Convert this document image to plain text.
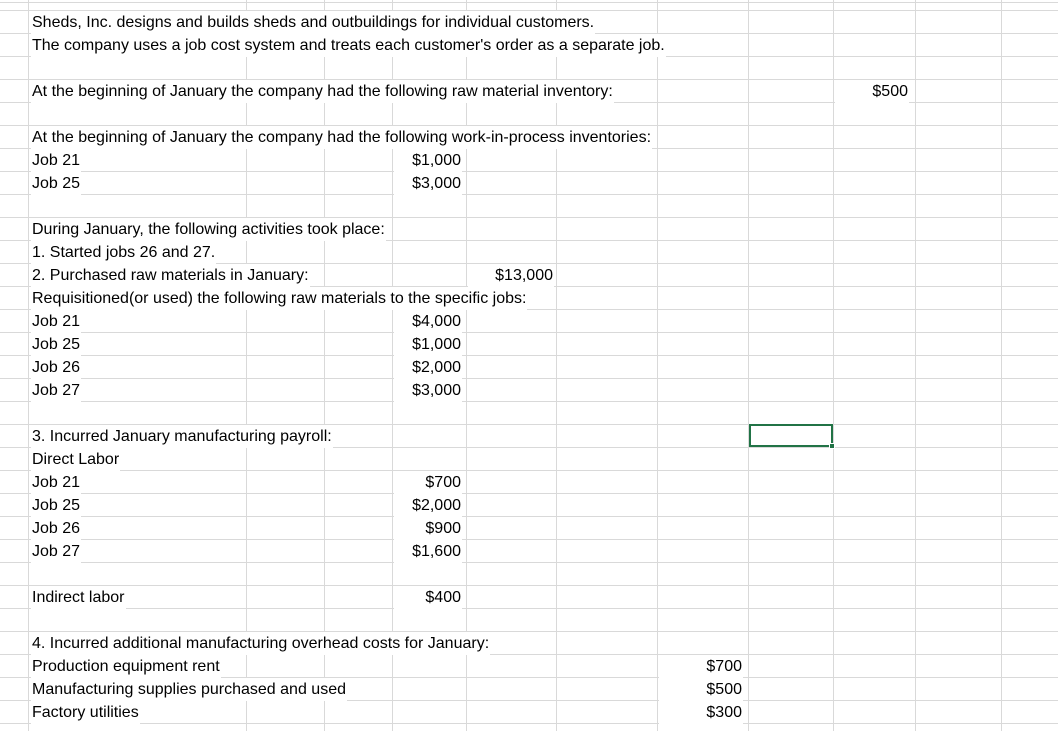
Sheds, Inc. designs and builds sheds and outbuildings for individual customers.
The company uses a job cost system and treats each customer's order as a separate job.
At the beginning of January the company had the following raw material inventory:	$500
At the beginning of January the company had the following work-in-process inventories:
Job 21	$1,000
Job 25	$3,000
During January, the following activities took place:
1. Started jobs 26 and 27.
2. Purchased raw materials in January:	$13,000
Requisitioned(or used) the following raw materials to the specific jobs:
Job 21	$4,000
Job 25	$1,000
Job 26	$2,000
Job 27	$3,000
3. Incurred January manufacturing payroll:
Direct Labor
Job 21	$700
Job 25	$2,000
Job 26	$900
Job 27	$1,600
Indirect labor	$400
4. Incurred additional manufacturing overhead costs for January:
Production equipment rent	$700
Manufacturing supplies purchased and used	$500
Factory utilities	$300
